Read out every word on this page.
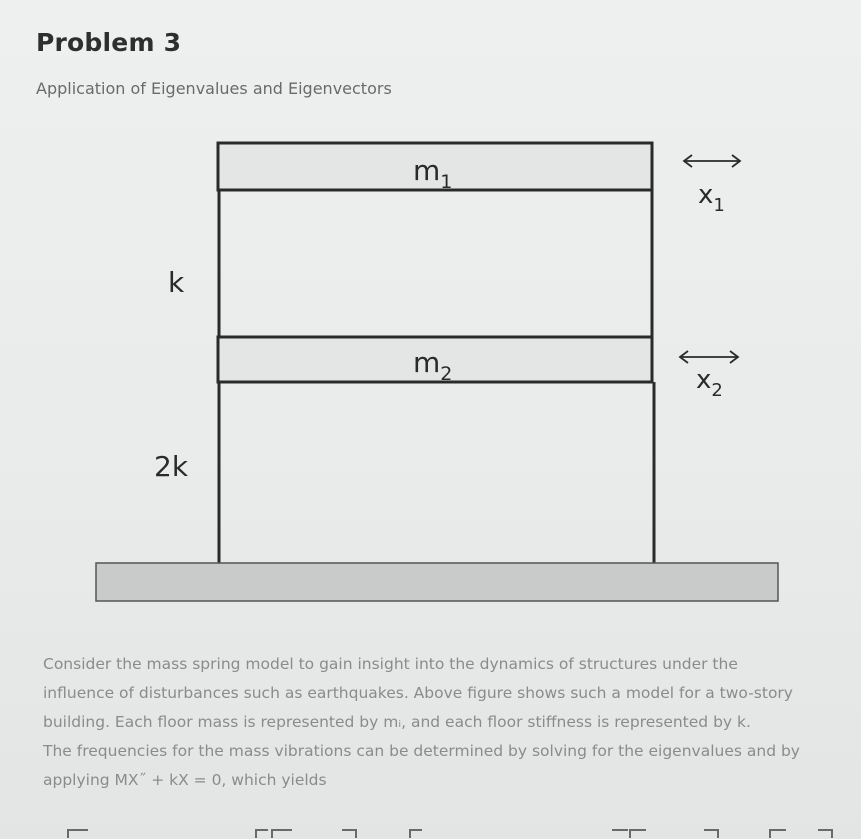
Problem 3
Application of Eigenvalues and Eigenvectors
$m_1$
$m_2$
k
2k
$x_1$
$x_2$

Consider the mass spring model to gain insight into the dynamics of structures under the

influence of disturbances such as earthquakes. Above figure shows such a model for a two-story

building. Each floor mass is represented by mᵢ, and each floor stiffness is represented by k.

The frequencies for the mass vibrations can be determined by solving for the eigenvalues and by

applying MX˝ + kX = 0, which yields
